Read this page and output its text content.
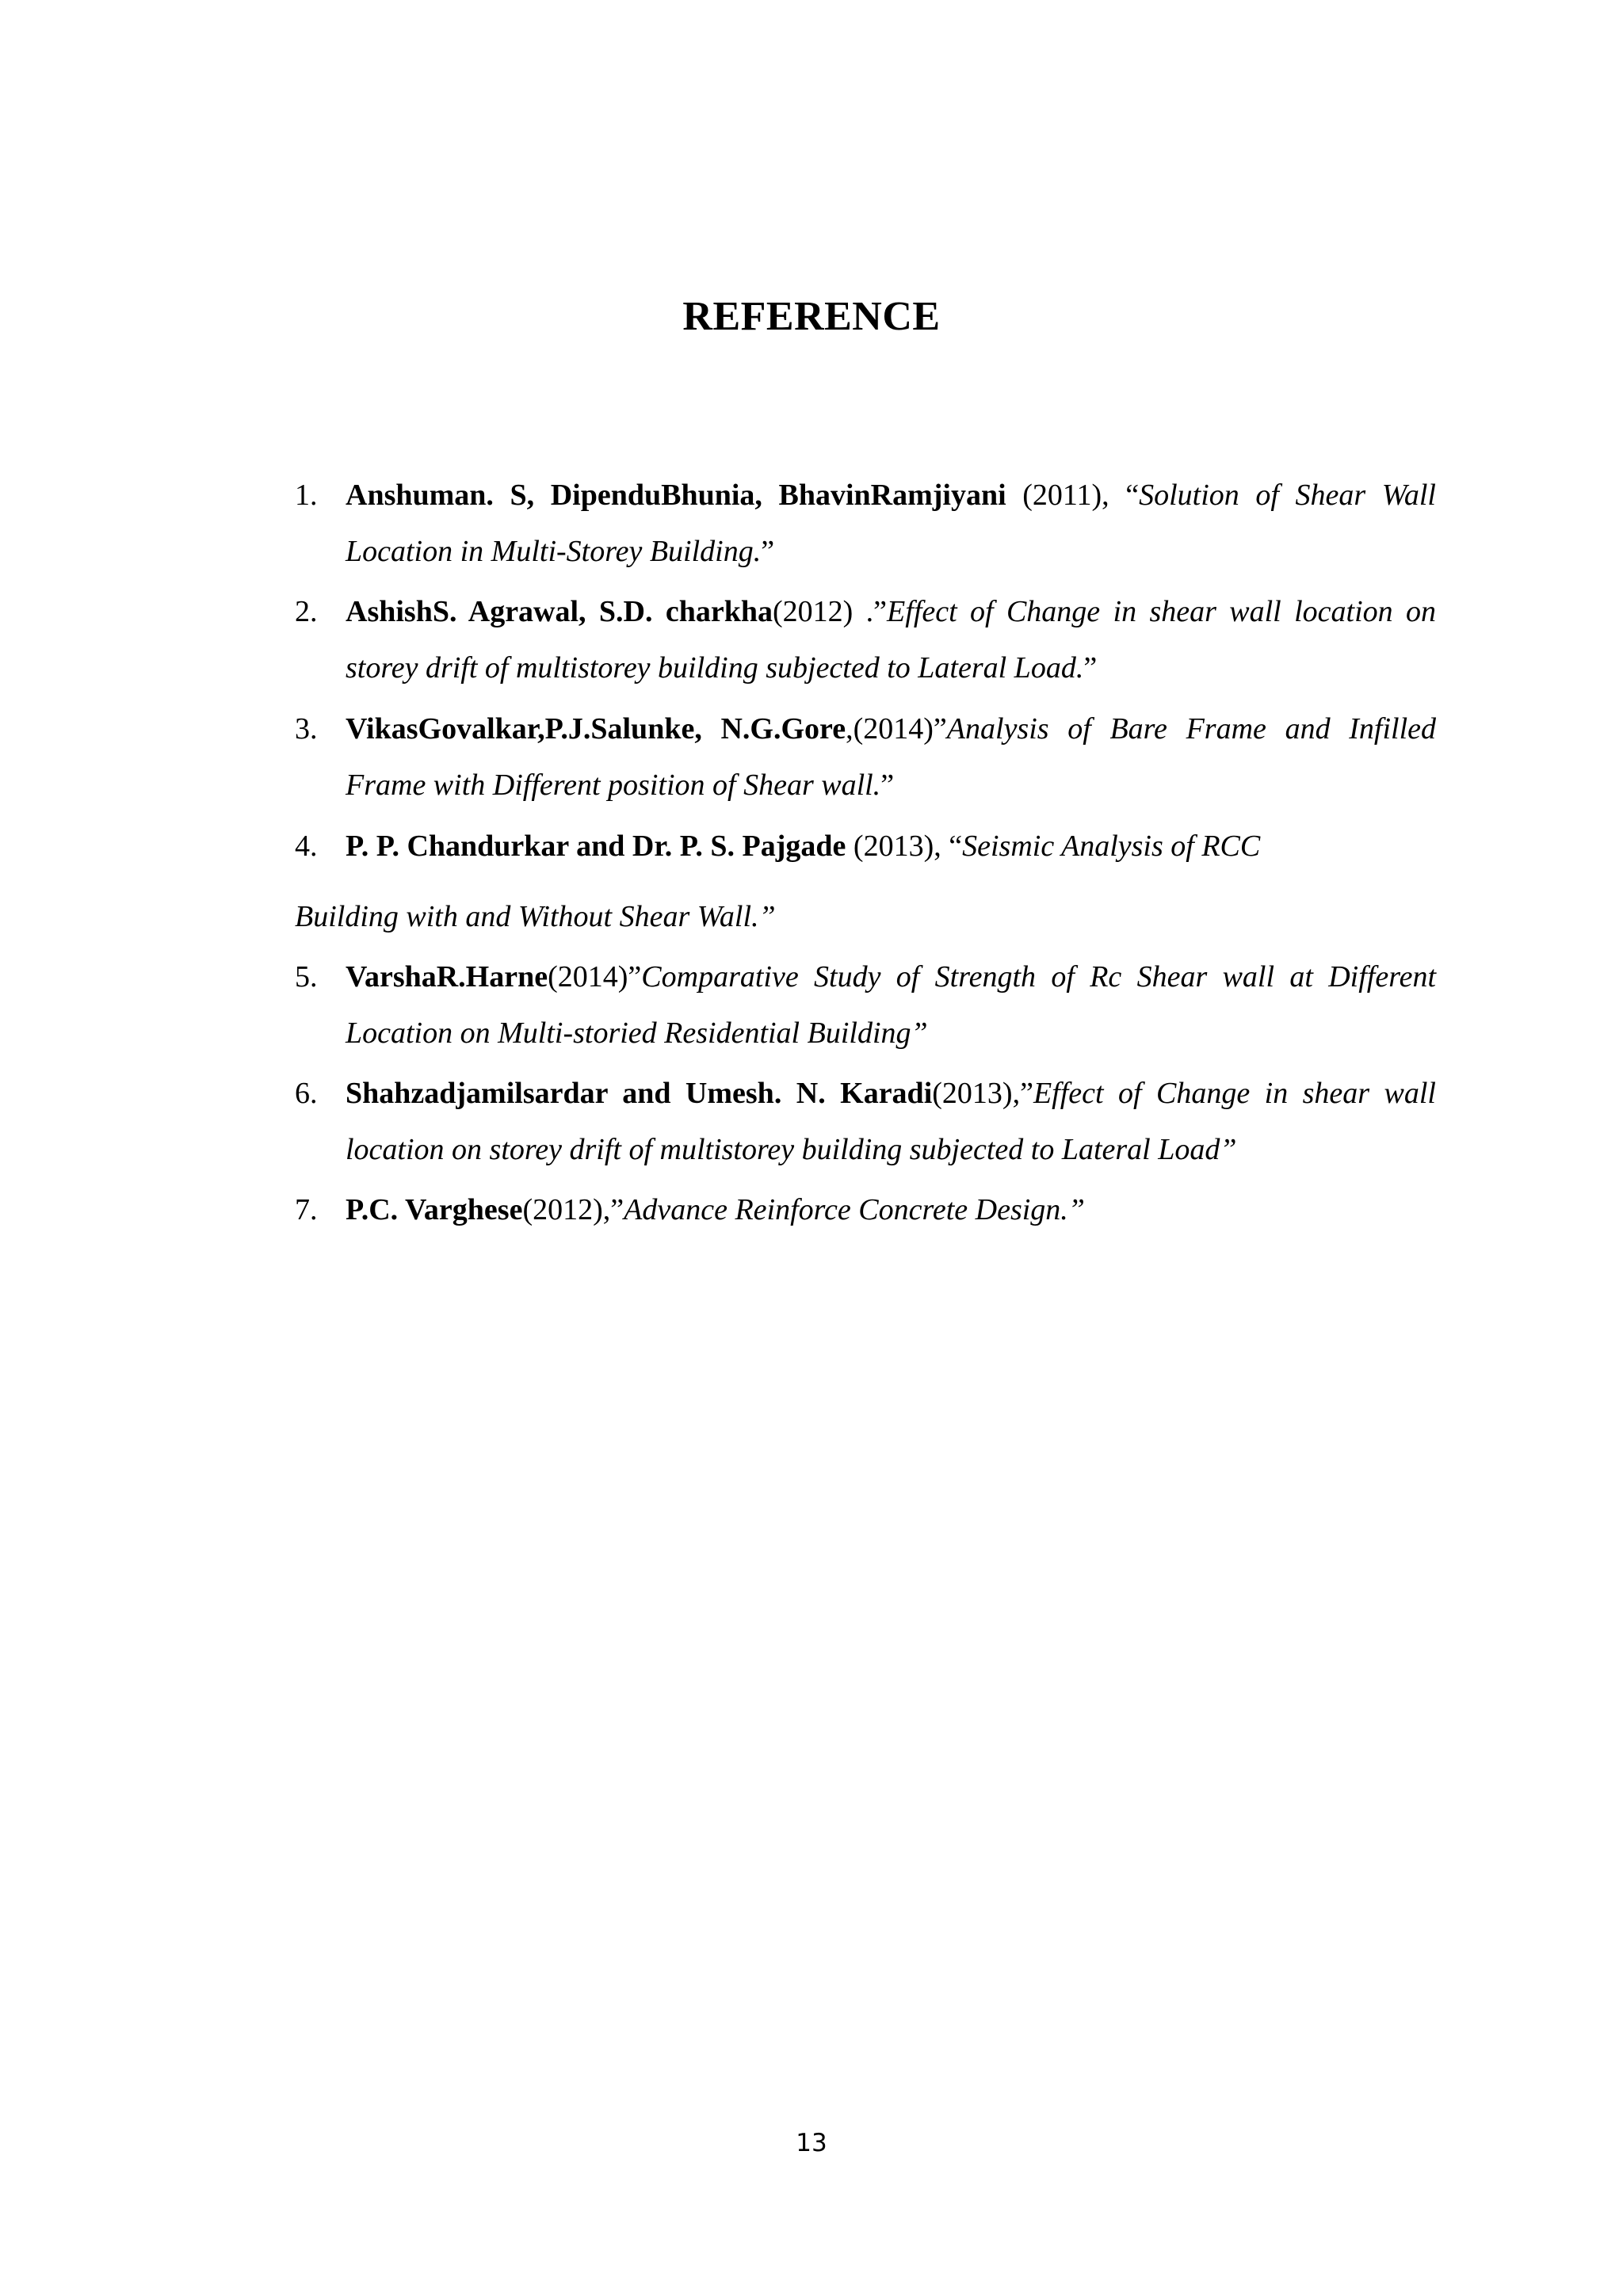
REFERENCE
1. Anshuman. S, DipenduBhunia, BhavinRamjiyani (2011), “Solution of Shear Wall Location in Multi-Storey Building.”
2. AshishS. Agrawal, S.D. charkha(2012) .”Effect of Change in shear wall location on storey drift of multistorey building subjected to Lateral Load.”
3. VikasGovalkar,P.J.Salunke, N.G.Gore,(2014)”Analysis of Bare Frame and Infilled Frame with Different position of Shear wall.”
4. P. P. Chandurkar and Dr. P. S. Pajgade (2013), “Seismic Analysis of RCC
Building with and Without Shear Wall.”
5. VarshaR.Harne(2014)”Comparative Study of Strength of Rc Shear wall at Different Location on Multi-storied Residential Building”
6. Shahzadjamilsardar and Umesh. N. Karadi(2013),”Effect of Change in shear wall location on storey drift of multistorey building subjected to Lateral Load”
7. P.C. Varghese(2012),”Advance Reinforce Concrete Design.”
13
